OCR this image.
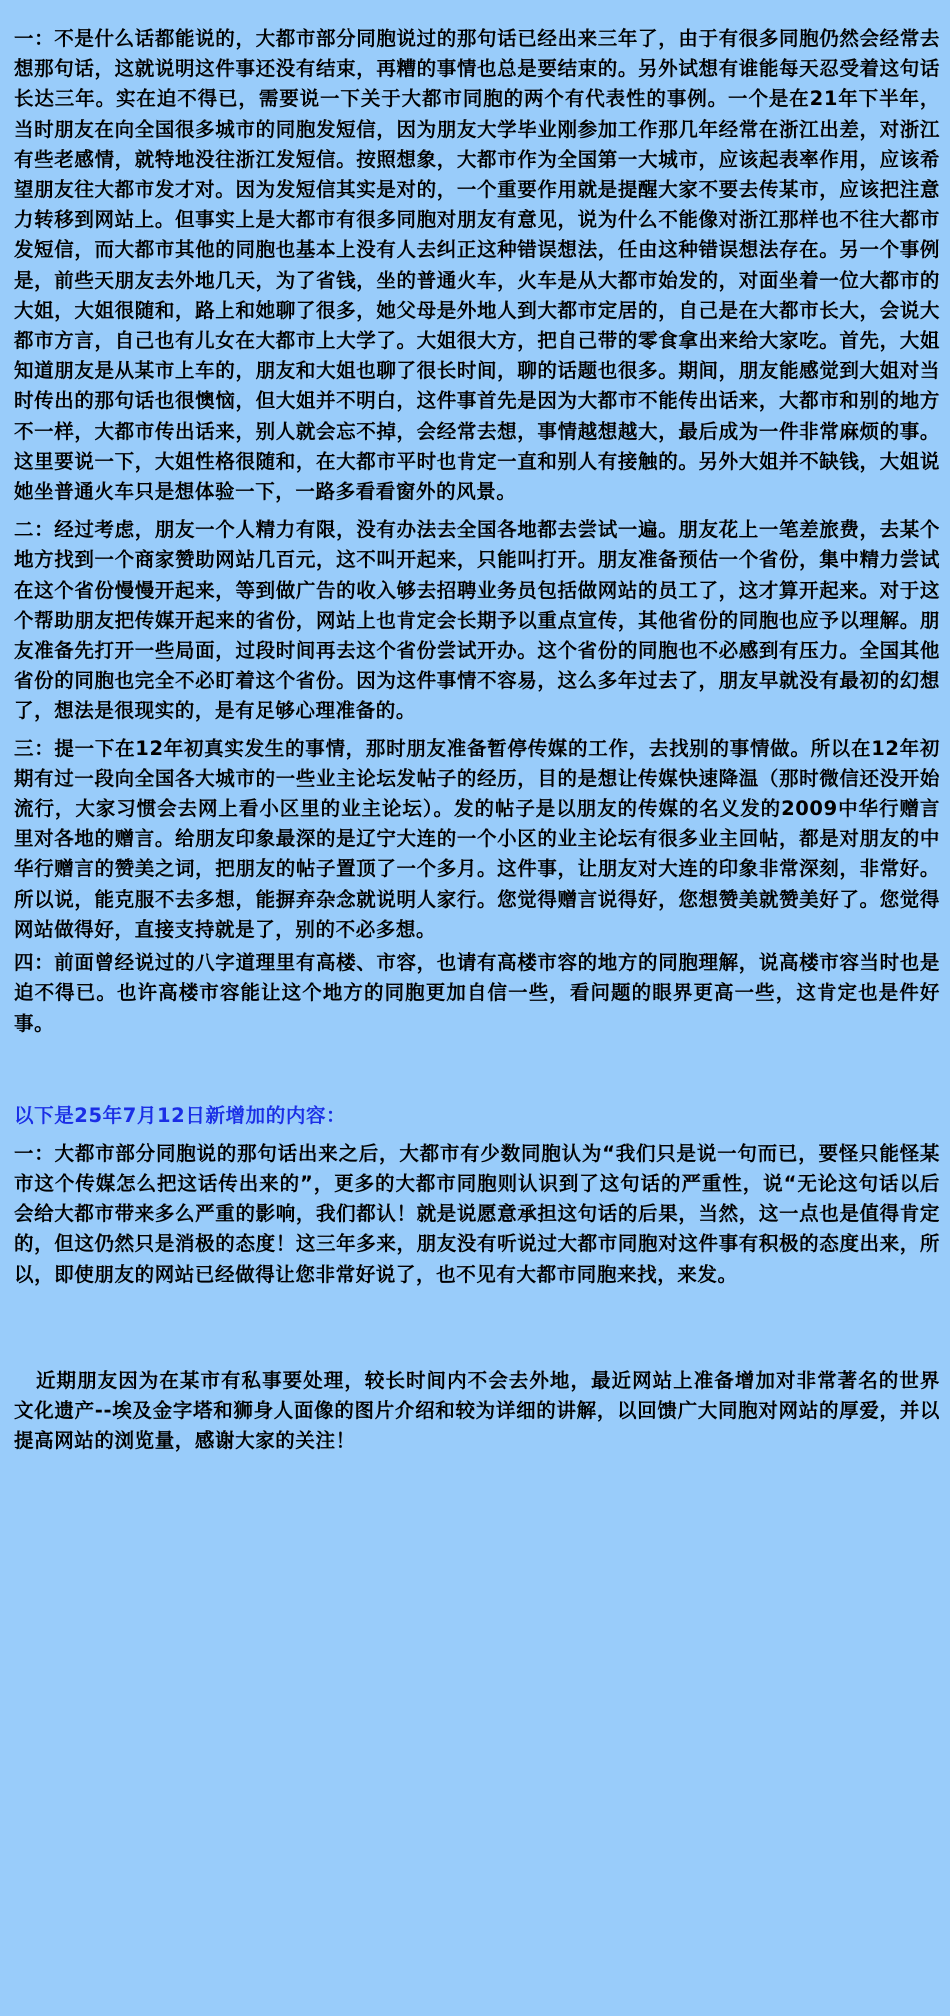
一：不是什么话都能说的，大都市部分同胞说过的那句话已经出来三年了，由于有很多同胞仍然会经常去想那句话，这就说明这件事还没有结束，再糟的事情也总是要结束的。另外试想有谁能每天忍受着这句话长达三年。实在迫不得已，需要说一下关于大都市同胞的两个有代表性的事例。一个是在21年下半年，当时朋友在向全国很多城市的同胞发短信，因为朋友大学毕业刚参加工作那几年经常在浙江出差，对浙江有些老感情，就特地没往浙江发短信。按照想象，大都市作为全国第一大城市，应该起表率作用，应该希望朋友往大都市发才对。因为发短信其实是对的，一个重要作用就是提醒大家不要去传某市，应该把注意力转移到网站上。但事实上是大都市有很多同胞对朋友有意见，说为什么不能像对浙江那样也不往大都市发短信，而大都市其他的同胞也基本上没有人去纠正这种错误想法，任由这种错误想法存在。另一个事例是，前些天朋友去外地几天，为了省钱，坐的普通火车，火车是从大都市始发的，对面坐着一位大都市的大姐，大姐很随和，路上和她聊了很多，她父母是外地人到大都市定居的，自己是在大都市长大，会说大都市方言，自己也有儿女在大都市上大学了。大姐很大方，把自己带的零食拿出来给大家吃。首先，大姐知道朋友是从某市上车的，朋友和大姐也聊了很长时间，聊的话题也很多。期间，朋友能感觉到大姐对当时传出的那句话也很懊恼，但大姐并不明白，这件事首先是因为大都市不能传出话来，大都市和别的地方不一样，大都市传出话来，别人就会忘不掉，会经常去想，事情越想越大，最后成为一件非常麻烦的事。这里要说一下，大姐性格很随和，在大都市平时也肯定一直和别人有接触的。另外大姐并不缺钱，大姐说她坐普通火车只是想体验一下，一路多看看窗外的风景。

二：经过考虑，朋友一个人精力有限，没有办法去全国各地都去尝试一遍。朋友花上一笔差旅费，去某个地方找到一个商家赞助网站几百元，这不叫开起来，只能叫打开。朋友准备预估一个省份，集中精力尝试在这个省份慢慢开起来，等到做广告的收入够去招聘业务员包括做网站的员工了，这才算开起来。对于这个帮助朋友把传媒开起来的省份，网站上也肯定会长期予以重点宣传，其他省份的同胞也应予以理解。朋友准备先打开一些局面，过段时间再去这个省份尝试开办。这个省份的同胞也不必感到有压力。全国其他省份的同胞也完全不必盯着这个省份。因为这件事情不容易，这么多年过去了，朋友早就没有最初的幻想了，想法是很现实的，是有足够心理准备的。

三：提一下在12年初真实发生的事情，那时朋友准备暂停传媒的工作，去找别的事情做。所以在12年初期有过一段向全国各大城市的一些业主论坛发帖子的经历，目的是想让传媒快速降温（那时微信还没开始流行，大家习惯会去网上看小区里的业主论坛）。发的帖子是以朋友的传媒的名义发的2009中华行赠言里对各地的赠言。给朋友印象最深的是辽宁大连的一个小区的业主论坛有很多业主回帖，都是对朋友的中华行赠言的赞美之词，把朋友的帖子置顶了一个多月。这件事，让朋友对大连的印象非常深刻，非常好。所以说，能克服不去多想，能摒弃杂念就说明人家行。您觉得赠言说得好，您想赞美就赞美好了。您觉得网站做得好，直接支持就是了，别的不必多想。

四：前面曾经说过的八字道理里有高楼、市容，也请有高楼市容的地方的同胞理解，说高楼市容当时也是迫不得已。也许高楼市容能让这个地方的同胞更加自信一些，看问题的眼界更高一些，这肯定也是件好事。

以下是25年7月12日新增加的内容：

一：大都市部分同胞说的那句话出来之后，大都市有少数同胞认为“我们只是说一句而已，要怪只能怪某市这个传媒怎么把这话传出来的”，更多的大都市同胞则认识到了这句话的严重性，说“无论这句话以后会给大都市带来多么严重的影响，我们都认！就是说愿意承担这句话的后果，当然，这一点也是值得肯定的，但这仍然只是消极的态度！这三年多来，朋友没有听说过大都市同胞对这件事有积极的态度出来，所以，即使朋友的网站已经做得让您非常好说了，也不见有大都市同胞来找，来发。

近期朋友因为在某市有私事要处理，较长时间内不会去外地，最近网站上准备增加对非常著名的世界文化遗产--埃及金字塔和狮身人面像的图片介绍和较为详细的讲解，以回馈广大同胞对网站的厚爱，并以提高网站的浏览量，感谢大家的关注！
